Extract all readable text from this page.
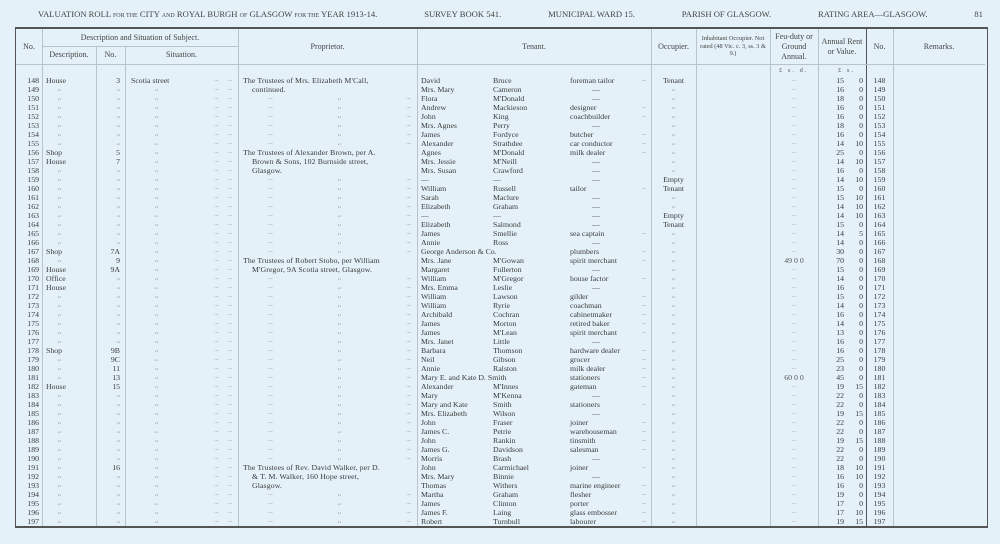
VALUATION ROLL FOR THE CITY AND ROYAL BURGH OF GLASGOW FOR THE YEAR 1913-14.	SURVEY BOOK 541.	MUNICIPAL WARD 15.	PARISH OF GLASGOW.	RATING AREA—GLASGOW.	81
No.
Description and Situation of Subject.
Description.	No.	Situation.
Proprietor.	Tenant.	Occupier.
Inhabitant Occupier. Not rated (48 Vic. c. 3, ss. 3 & 9.)
Feu-duty or Ground Annual.
Annual Rent or Value.
No.	Remarks.
£ s. d.	£ s.
148 House	3	Scotia street ...	The Trustees of Mrs. Elizabeth M'Call,	David	Bruce	foreman tailor ...	Tenant	...	15	0	148
149	,,	,,	,, ...	continued.	Mrs. Mary	Cameron	—	,,	...	16	0	149
150	,,	,,	,, ...	...	,,	...	Flora	M'Donald	—	,,	...	18	0	150
151	,,	,,	,, ...	...	,,	...	Andrew	Mackieson	designer ...	,,	...	16	0	151
152	,,	,,	,, ...	...	,,	...	John	King	coachbuilder ...	,,	...	16	0	152
153	,,	,,	,, ...	...	,,	...	Mrs. Agnes	Perry	—	,,	...	18	0	153
154	,,	,,	,, ...	...	,,	...	James	Fordyce	butcher ...	,,	...	16	0	154
155	,,	,,	,, ...	...	,,	...	Alexander	Strathdee	car conductor ...	,,	...	14	10	155
156 Shop	5	,, ...	The Trustees of Alexander Brown, per A.	Agnes	M'Donald	milk dealer ...	,,	...	25	0	156
157 House	7	,, ...	Brown & Sons, 102 Burnside street,	Mrs. Jessie	M'Neill	—	,,	...	14	10	157
158	,,	,,	,, ...	Glasgow.	Mrs. Susan	Crawford	—	,,	...	16	0	158
159	,,	,,	,, ...	...	,,	...	—	—	—	Empty	...	14	10	159
160	,,	,,	,, ...	...	,,	...	William	Russell	tailor ...	Tenant	...	15	0	160
161	,,	,,	,, ...	...	,,	...	Sarah	Maclure	—	,,	...	15	10	161
162	,,	,,	,, ...	...	,,	...	Elizabeth	Graham	—	,,	...	14	10	162
163	,,	,,	,, ...	...	,,	...	—	—	—	Empty	...	14	10	163
164	,,	,,	,, ...	...	,,	...	Elizabeth	Salmond	—	Tenant	...	15	0	164
165	,,	,,	,, ...	...	,,	...	James	Smellie	sea captain ...	,,	...	14	5	165
166	,,	,,	,, ...	...	,,	...	Annie	Ross	—	,,	...	14	0	166
167 Shop	7A	,, ...	...	,,	...	George Anderson & Co.	plumbers ...	,,	...	30	0	167
168	,,	9	,, ...	The Trustees of Robert Stobo, per William	Mrs. Jane	M'Gowan	spirit merchant ...	,,	49 0 0	70	0	168
169 House	9A	,, ...	M'Gregor, 9A Scotia street, Glasgow.	Margaret	Fullerton	—	,,	...	15	0	169
170 Office	,,	,, ...	...	,,	...	William	M'Gregor	house factor ...	,,	...	14	0	170
171 House	,,	,, ...	...	,,	...	Mrs. Emma	Leslie	—	,,	...	16	0	171
172	,,	,,	,, ...	...	,,	...	William	Lawson	gilder ...	,,	...	15	0	172
173	,,	,,	,, ...	...	,,	...	William	Ryrie	coachman ...	,,	...	14	0	173
174	,,	,,	,, ...	...	,,	...	Archibald	Cochran	cabinetmaker ...	,,	...	16	0	174
175	,,	,,	,, ...	...	,,	...	James	Morton	retired baker ...	,,	...	14	0	175
176	,,	,,	,, ...	...	,,	...	James	M'Lean	spirit merchant ...	,,	...	13	0	176
177	,,	,,	,, ...	...	,,	...	Mrs. Janet	Little	—	,,	...	16	0	177
178 Shop	9B	,, ...	...	,,	...	Barbara	Thomson	hardware dealer ...	,,	...	16	0	178
179	,,	9C	,, ...	...	,,	...	Neil	Gibson	grocer ...	,,	...	25	0	179
180	,,	11	,, ...	...	,,	...	Annie	Ralston	milk dealer ...	,,	...	23	0	180
181	,,	13	,, ...	...	,,	...	Mary E. and Kate D. Smith	stationers ...	,,	60 0 0	45	0	181
182 House	15	,, ...	...	,,	...	Alexander	M'Innes	gateman ...	,,	...	19	15	182
183	,,	,,	,, ...	...	,,	...	Mary	M'Kenna	—	,,	...	22	0	183
184	,,	,,	,, ...	...	,,	...	Mary and Kate	Smith	stationers ...	,,	...	22	0	184
185	,,	,,	,, ...	...	,,	...	Mrs. Elizabeth	Wilson	—	,,	...	19	15	185
186	,,	,,	,, ...	...	,,	...	John	Fraser	joiner ...	,,	...	22	0	186
187	,,	,,	,, ...	...	,,	...	James C.	Petrie	warehouseman ...	,,	...	22	0	187
188	,,	,,	,, ...	...	,,	...	John	Rankin	tinsmith ...	,,	...	19	15	188
189	,,	,,	,, ...	...	,,	...	James G.	Davidson	salesman ...	,,	...	22	0	189
190	,,	,,	,, ...	...	,,	...	Morris	Brash	—	,,	...	22	0	190
191	,,	16	,, ...	The Trustees of Rev. David Walker, per D.	John	Carmichael	joiner ...	,,	...	18	10	191
192	,,	,,	,, ...	& T. M. Walker, 160 Hope street,	Mrs. Mary	Binnie	—	,,	...	16	10	192
193	,,	,,	,, ...	Glasgow.	Thomas	Withers	marine engineer ...	,,	...	16	0	193
194	,,	,,	,, ...	...	,,	...	Martha	Graham	flesher ...	,,	...	19	0	194
195	,,	,,	,, ...	...	,,	...	James	Clinton	porter ...	,,	...	17	0	195
196	,,	,,	,, ...	...	,,	...	James F.	Laing	glass embosser ...	,,	...	17	10	196
197	,,	,,	,, ...	...	,,	...	Robert	Turnbull	labourer ...	,,	...	19	15	197
